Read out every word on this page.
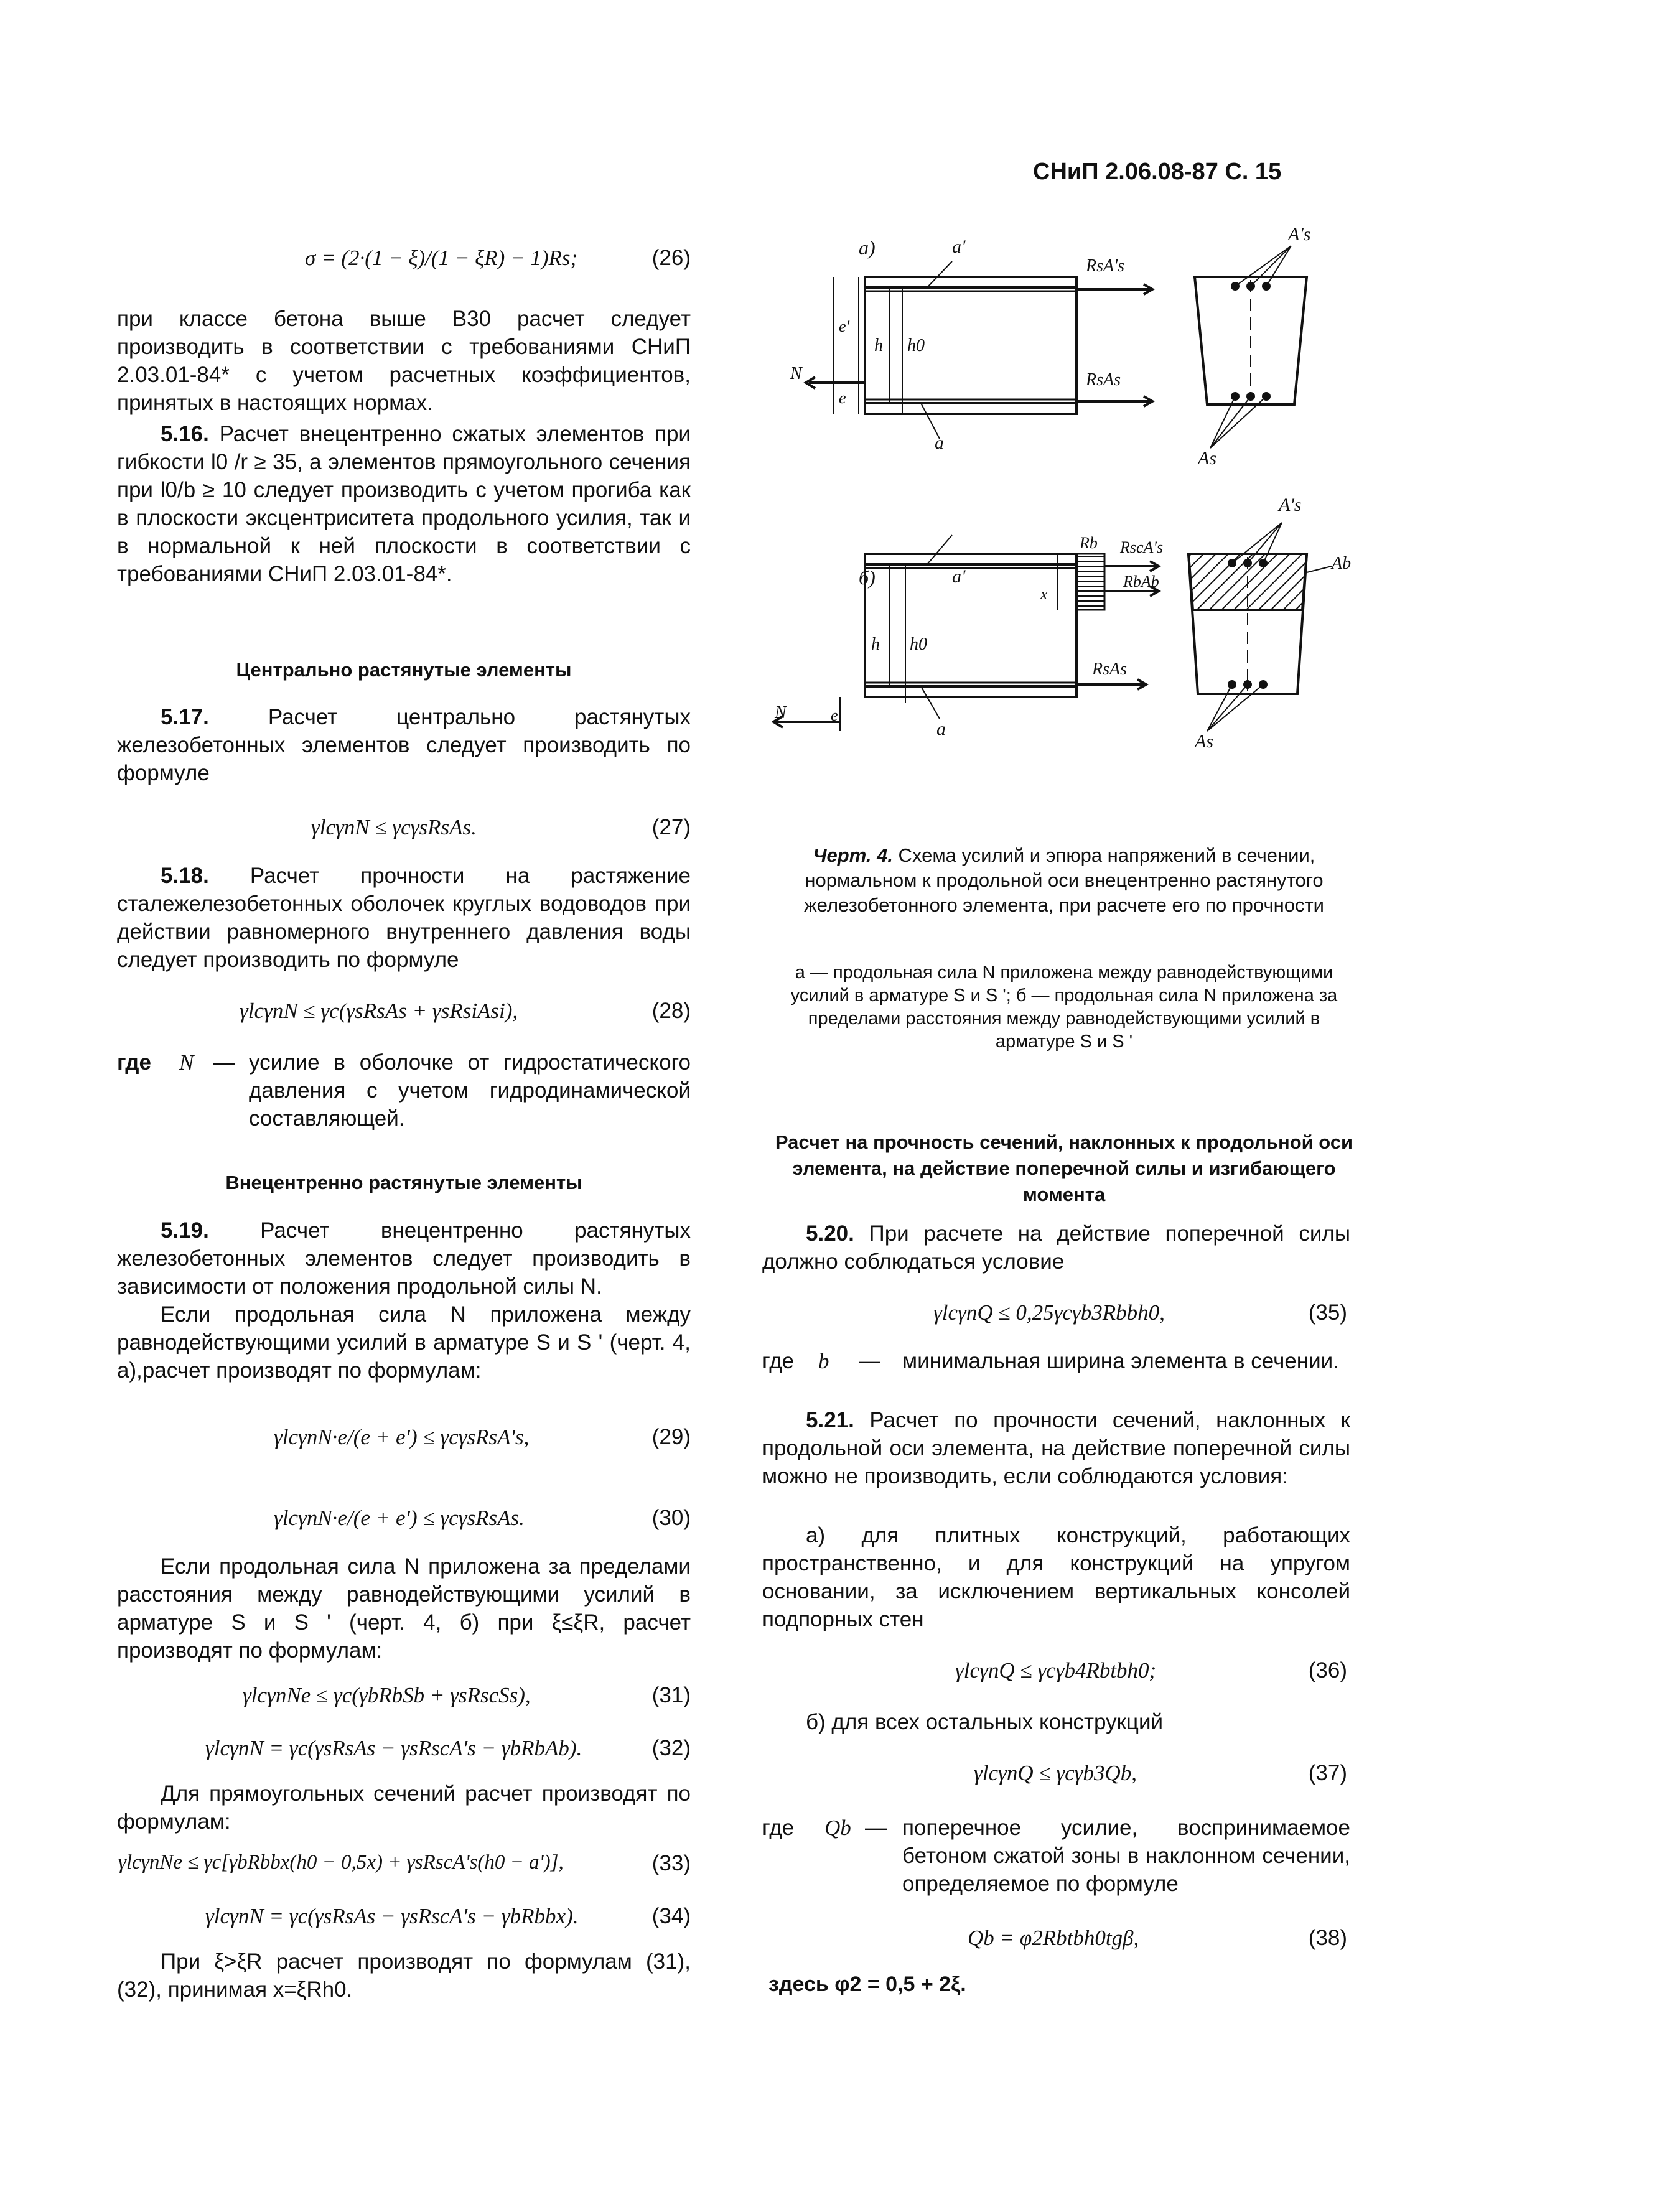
СНиП 2.06.08-87 С. 15
σ = (2·(1 − ξ)/(1 − ξR) − 1)Rs;	(26)
при классе бетона выше В30 расчет следует производить в соответствии с требованиями СНиП 2.03.01-84* с учетом расчетных коэффициентов, принятых в настоящих нормах.
5.16. Расчет внецентренно сжатых элементов при гибкости l0 /r ≥ 35, а элементов прямоугольного сечения при l0/b ≥ 10 следует производить с учетом прогиба как в плоскости эксцентриситета продольного усилия, так и в нормальной к ней плоскости в соответствии с требованиями СНиП 2.03.01-84*.
Центрально растянутые элементы
5.17. Расчет центрально растянутых железобетонных элементов следует производить по формуле
γlcγnN ≤ γcγsRsAs.	(27)
5.18. Расчет прочности на растяжение сталежелезобетонных оболочек круглых водоводов при действии равномерного внутреннего давления воды следует производить по формуле
γlcγnN ≤ γc(γsRsAs + γsRsiAsi),	(28)
где N — усилие в оболочке от гидростатического давления с учетом гидродинамической составляющей.
Внецентренно растянутые элементы
5.19. Расчет внецентренно растянутых железобетонных элементов следует производить в зависимости от положения продольной силы N.
Если продольная сила N приложена между равнодействующими усилий в арматуре S и S ' (черт. 4, а),расчет производят по формулам:
γlcγnN·e/(e + e') ≤ γcγsRsA's,	(29)
γlcγnN·e/(e + e') ≤ γcγsRsAs.	(30)
Если продольная сила N приложена за пределами расстояния между равнодействующими усилий в арматуре S и S ' (черт. 4, б) при ξ≤ξR, расчет производят по формулам:
γlcγnNe ≤ γc(γbRbSb + γsRscSs),	(31)
γlcγnN = γc(γsRsAs − γsRscA's − γbRbAb).	(32)
Для прямоугольных сечений расчет производят по формулам:
γlcγnNe ≤ γc[γbRbbx(h0 − 0,5x) + γsRscA's(h0 − a')],	(33)
γlcγnN = γc(γsRsAs − γsRscA's − γbRbbx).	(34)
При ξ>ξR расчет производят по формулам (31), (32), принимая x=ξRh0.
а)	a'
A's
RsA's
RsAs
a
As
h h0
N
e
e'
б)	a'
A's
Rb RscA's
RbAb
Ab
x
RsAs
a
As
h h0
N	e
Черт. 4. Схема усилий и эпюра напряжений в сечении, нормальном к продольной оси внецентренно растянутого железобетонного элемента, при расчете его по прочности
а — продольная сила N приложена между равнодействующими усилий в арматуре S и S '; б — продольная сила N приложена за пределами расстояния между равнодействующими усилий в арматуре S и S '
Расчет на прочность сечений, наклонных к продольной оси элемента, на действие поперечной силы и изгибающего момента
5.20. При расчете на действие поперечной силы должно соблюдаться условие
γlcγnQ ≤ 0,25γcγb3Rbbh0,	(35)
где b — минимальная ширина элемента в сечении.
5.21. Расчет по прочности сечений, наклонных к продольной оси элемента, на действие поперечной силы можно не производить, если соблюдаются условия:
а) для плитных конструкций, работающих пространственно, и для конструкций на упругом основании, за исключением вертикальных консолей подпорных стен
γlcγnQ ≤ γcγb4Rbtbh0;	(36)
б) для всех остальных конструкций
γlcγnQ ≤ γcγb3Qb,	(37)
где Qb — поперечное усилие, воспринимаемое бетоном сжатой зоны в наклонном сечении, определяемое по формуле
Qb = φ2Rbtbh0tgβ,	(38)
здесь φ2 = 0,5 + 2ξ.
